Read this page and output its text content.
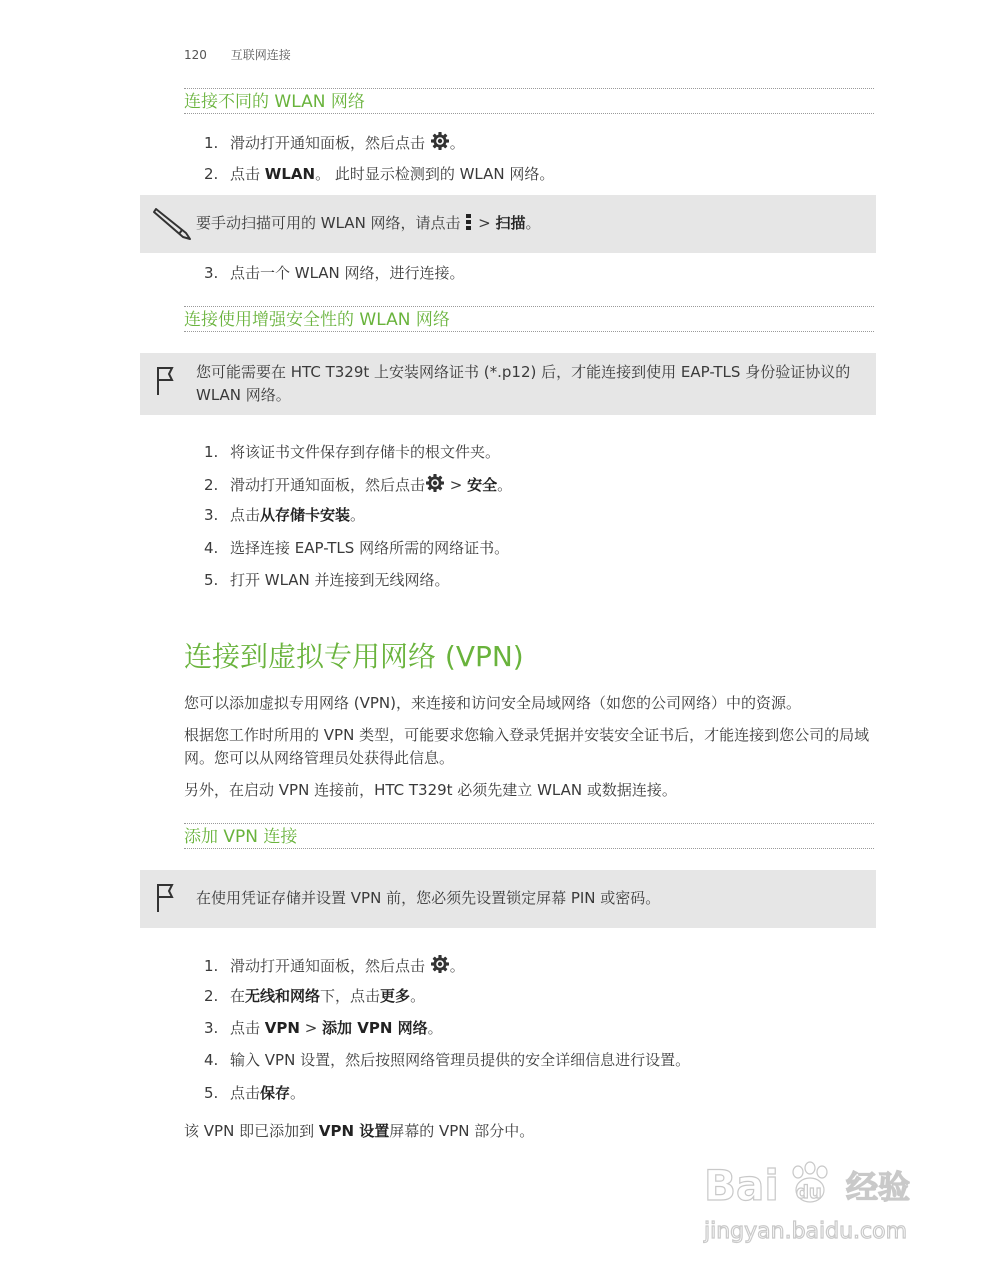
120 互联网连接
连接不同的 WLAN 网络
1. 滑动打开通知面板，然后点击 。
2. 点击 WLAN。 此时显示检测到的 WLAN 网络。
要手动扫描可用的 WLAN 网络，请点击  > 扫描。
3. 点击一个 WLAN 网络，进行连接。
连接使用增强安全性的 WLAN 网络
您可能需要在 HTC T329t 上安装网络证书 (*.p12) 后，才能连接到使用 EAP-TLS 身份验证协议的 WLAN 网络。
1. 将该证书文件保存到存储卡的根文件夹。
2. 滑动打开通知面板，然后点击 > 安全。
3. 点击从存储卡安装。
4. 选择连接 EAP-TLS 网络所需的网络证书。
5. 打开 WLAN 并连接到无线网络。
连接到虚拟专用网络 (VPN)
您可以添加虚拟专用网络 (VPN)，来连接和访问安全局域网络（如您的公司网络）中的资源。
根据您工作时所用的 VPN 类型，可能要求您输入登录凭据并安装安全证书后，才能连接到您公司的局域网。您可以从网络管理员处获得此信息。
另外，在启动 VPN 连接前，HTC T329t 必须先建立 WLAN 或数据连接。
添加 VPN 连接
在使用凭证存储并设置 VPN 前，您必须先设置锁定屏幕 PIN 或密码。
1. 滑动打开通知面板，然后点击 。
2. 在无线和网络下，点击更多。
3. 点击 VPN > 添加 VPN 网络。
4. 输入 VPN 设置，然后按照网络管理员提供的安全详细信息进行设置。
5. 点击保存。
该 VPN 即已添加到 VPN 设置屏幕的 VPN 部分中。
Bai du 经验
jingyan.baidu.com
